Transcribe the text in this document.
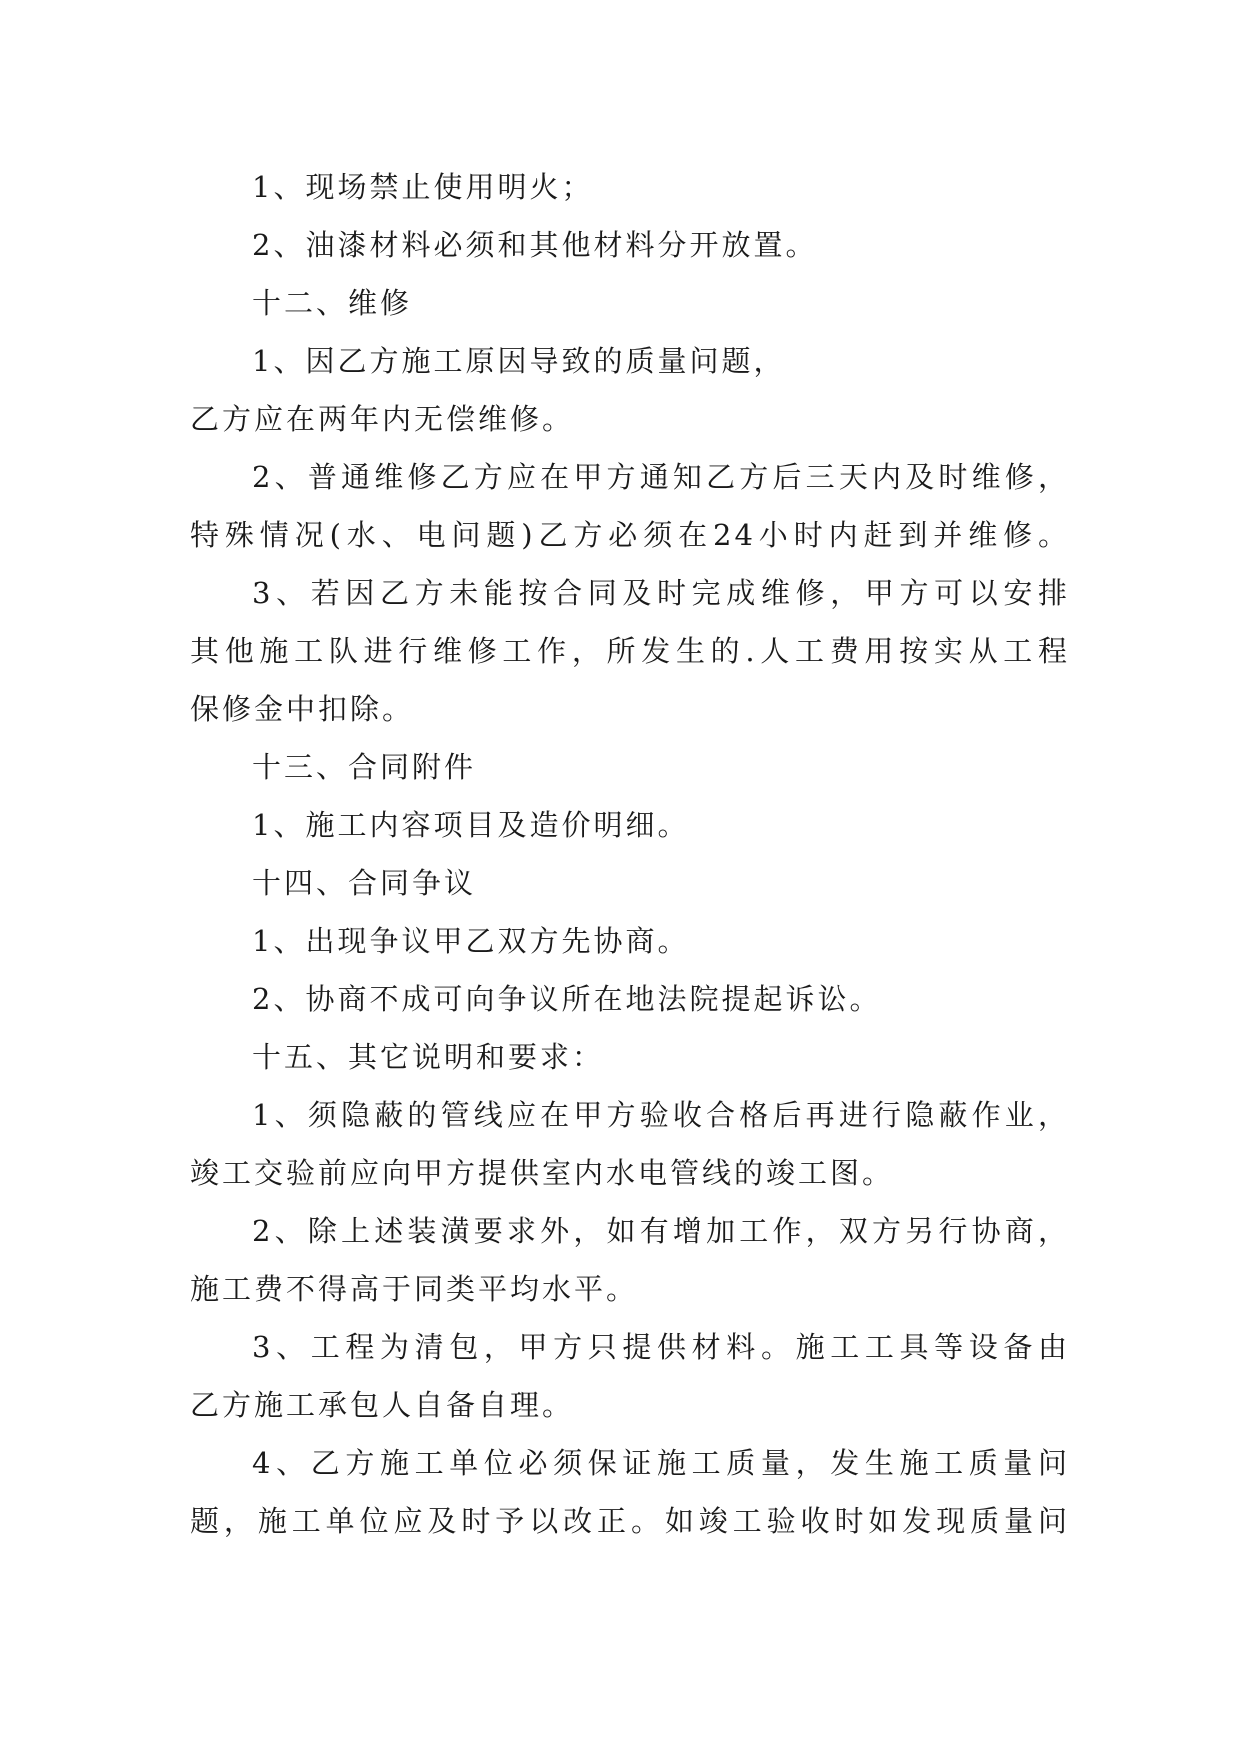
1、现场禁止使用明火；
2、油漆材料必须和其他材料分开放置。
十二、维修
1、因乙方施工原因导致的质量问题，
乙方应在两年内无偿维修。
2、普通维修乙方应在甲方通知乙方后三天内及时维修，
特殊情况(水、电问题)乙方必须在24小时内赶到并维修。
3、若因乙方未能按合同及时完成维修，甲方可以安排
其他施工队进行维修工作，所发生的.人工费用按实从工程
保修金中扣除。
十三、合同附件
1、施工内容项目及造价明细。
十四、合同争议
1、出现争议甲乙双方先协商。
2、协商不成可向争议所在地法院提起诉讼。
十五、其它说明和要求：
1、须隐蔽的管线应在甲方验收合格后再进行隐蔽作业，
竣工交验前应向甲方提供室内水电管线的竣工图。
2、除上述装潢要求外，如有增加工作，双方另行协商，
施工费不得高于同类平均水平。
3、工程为清包，甲方只提供材料。施工工具等设备由
乙方施工承包人自备自理。
4、乙方施工单位必须保证施工质量，发生施工质量问
题，施工单位应及时予以改正。如竣工验收时如发现质量问
